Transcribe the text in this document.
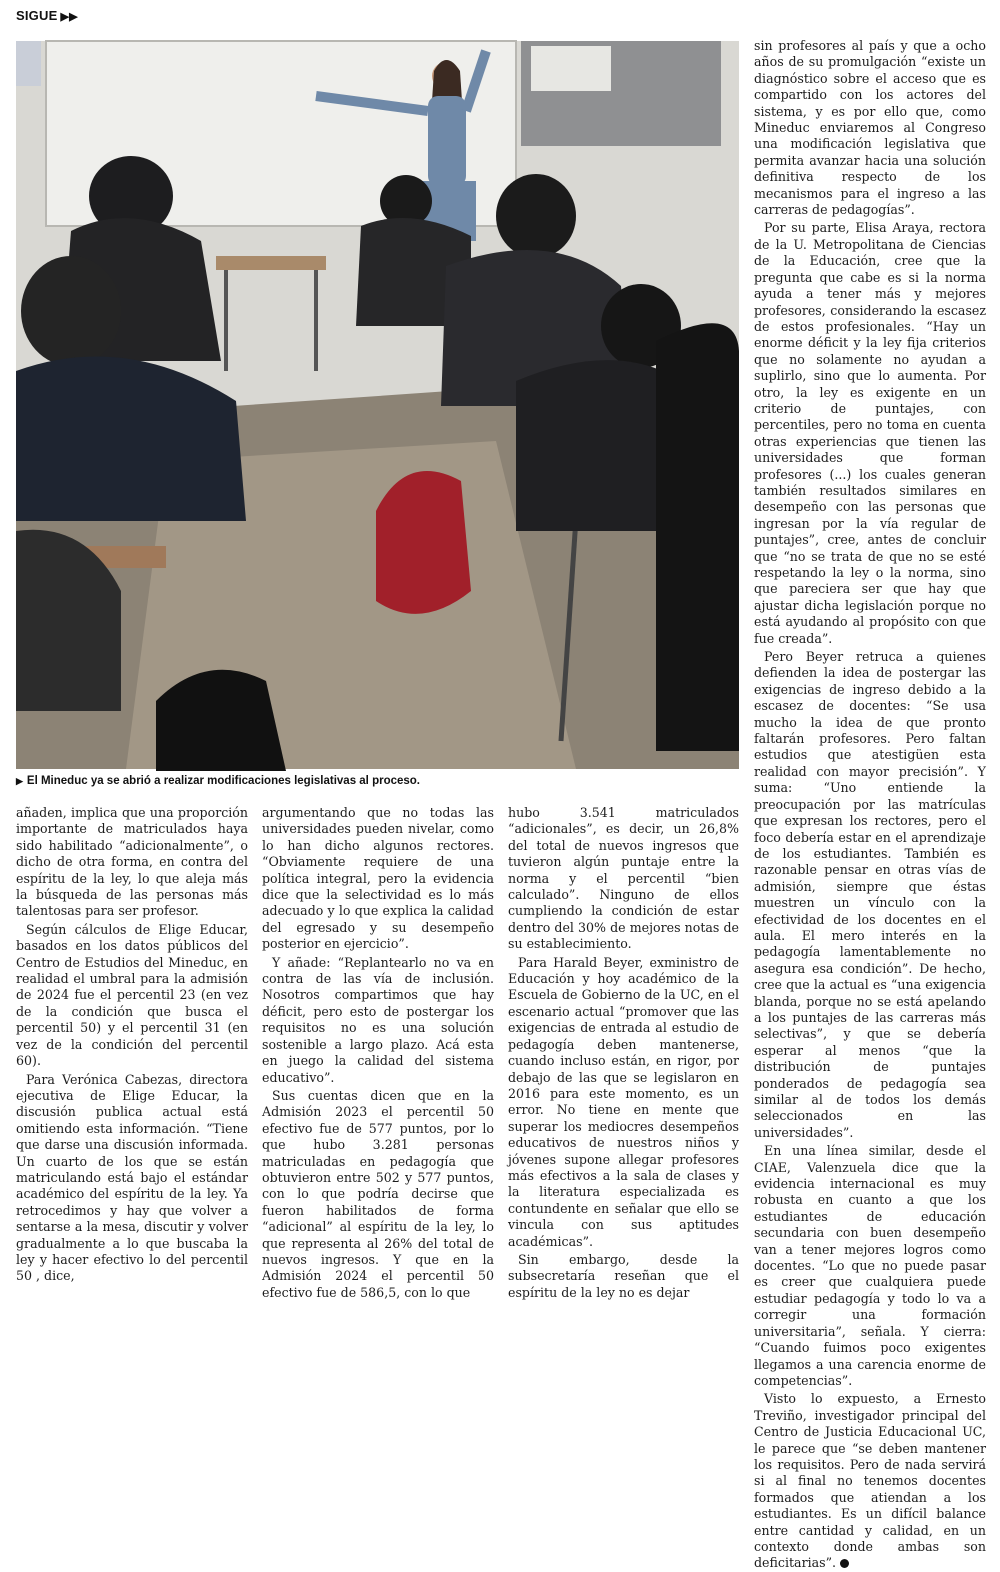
SIGUE ▶▶
▶ El Mineduc ya se abrió a realizar modificaciones legislativas al proceso.

añaden, implica que una proporción importante de matriculados haya sido habilitado “adicionalmente”, o dicho de otra forma, en contra del espíritu de la ley, lo que aleja más la búsqueda de las personas más talentosas para ser profesor.

Según cálculos de Elige Educar, basados en los datos públicos del Centro de Estudios del Mineduc, en realidad el umbral para la admisión de 2024 fue el percentil 23 (en vez de la condición que busca el percentil 50) y el percentil 31 (en vez de la condición del percentil 60).

Para Verónica Cabezas, directora ejecutiva de Elige Educar, la discusión publica actual está omitiendo esta información. “Tiene que darse una discusión informada. Un cuarto de los que se están matriculando está bajo el estándar académico del espíritu de la ley. Ya retrocedimos y hay que volver a sentarse a la mesa, discutir y volver gradualmente a lo que buscaba la ley y hacer efectivo lo del percentil 50 , dice,

argumentando que no todas las universidades pueden nivelar, como lo han dicho algunos rectores. “Obviamente requiere de una política integral, pero la evidencia dice que la selectividad es lo más adecuado y lo que explica la calidad del egresado y su desempeño posterior en ejercicio”.

Y añade: “Replantearlo no va en contra de las vía de inclusión. Nosotros compartimos que hay déficit, pero esto de postergar los requisitos no es una solución sostenible a largo plazo. Acá esta en juego la calidad del sistema educativo”.

Sus cuentas dicen que en la Admisión 2023 el percentil 50 efectivo fue de 577 puntos, por lo que hubo 3.281 personas matriculadas en pedagogía que obtuvieron entre 502 y 577 puntos, con lo que podría decirse que fueron habilitados de forma “adicional” al espíritu de la ley, lo que representa al 26% del total de nuevos ingresos. Y que en la Admisión 2024 el percentil 50 efectivo fue de 586,5, con lo que

hubo 3.541 matriculados “adicionales”, es decir, un 26,8% del total de nuevos ingresos que tuvieron algún puntaje entre la norma y el percentil “bien calculado”. Ninguno de ellos cumpliendo la condición de estar dentro del 30% de mejores notas de su establecimiento.

Para Harald Beyer, exministro de Educación y hoy académico de la Escuela de Gobierno de la UC, en el escenario actual “promover que las exigencias de entrada al estudio de pedagogía deben mantenerse, cuando incluso están, en rigor, por debajo de las que se legislaron en 2016 para este momento, es un error. No tiene en mente que superar los mediocres desempeños educativos de nuestros niños y jóvenes supone allegar profesores más efectivos a la sala de clases y la literatura especializada es contundente en señalar que ello se vincula con sus aptitudes académicas”.

Sin embargo, desde la subsecretaría reseñan que el espíritu de la ley no es dejar

sin profesores al país y que a ocho años de su promulgación “existe un diagnóstico sobre el acceso que es compartido con los actores del sistema, y es por ello que, como Mineduc enviaremos al Congreso una modificación legislativa que permita avanzar hacia una solución definitiva respecto de los mecanismos para el ingreso a las carreras de pedagogías”.

Por su parte, Elisa Araya, rectora de la U. Metropolitana de Ciencias de la Educación, cree que la pregunta que cabe es si la norma ayuda a tener más y mejores profesores, considerando la escasez de estos profesionales. “Hay un enorme déficit y la ley fija criterios que no solamente no ayudan a suplirlo, sino que lo aumenta. Por otro, la ley es exigente en un criterio de puntajes, con percentiles, pero no toma en cuenta otras experiencias que tienen las universidades que forman profesores (...) los cuales generan también resultados similares en desempeño con las personas que ingresan por la vía regular de puntajes”, cree, antes de concluir que “no se trata de que no se esté respetando la ley o la norma, sino que pareciera ser que hay que ajustar dicha legislación porque no está ayudando al propósito con que fue creada”.

Pero Beyer retruca a quienes defienden la idea de postergar las exigencias de ingreso debido a la escasez de docentes: “Se usa mucho la idea de que pronto faltarán profesores. Pero faltan estudios que atestigüen esta realidad con mayor precisión”. Y suma: “Uno entiende la preocupación por las matrículas que expresan los rectores, pero el foco debería estar en el aprendizaje de los estudiantes. También es razonable pensar en otras vías de admisión, siempre que éstas muestren un vínculo con la efectividad de los docentes en el aula. El mero interés en la pedagogía lamentablemente no asegura esa condición”. De hecho, cree que la actual es “una exigencia blanda, porque no se está apelando a los puntajes de las carreras más selectivas”, y que se debería esperar al menos “que la distribución de puntajes ponderados de pedagogía sea similar al de todos los demás seleccionados en las universidades”.

En una línea similar, desde el CIAE, Valenzuela dice que la evidencia internacional es muy robusta en cuanto a que los estudiantes de educación secundaria con buen desempeño van a tener mejores logros como docentes. “Lo que no puede pasar es creer que cualquiera puede estudiar pedagogía y todo lo va a corregir una formación universitaria”, señala. Y cierra: “Cuando fuimos poco exigentes llegamos a una carencia enorme de competencias”.

Visto lo expuesto, a Ernesto Treviño, investigador principal del Centro de Justicia Educacional UC, le parece que “se deben mantener los requisitos. Pero de nada servirá si al final no tenemos docentes formados que atiendan a los estudiantes. Es un difícil balance entre cantidad y calidad, en un contexto donde ambas son deficitarias”.
